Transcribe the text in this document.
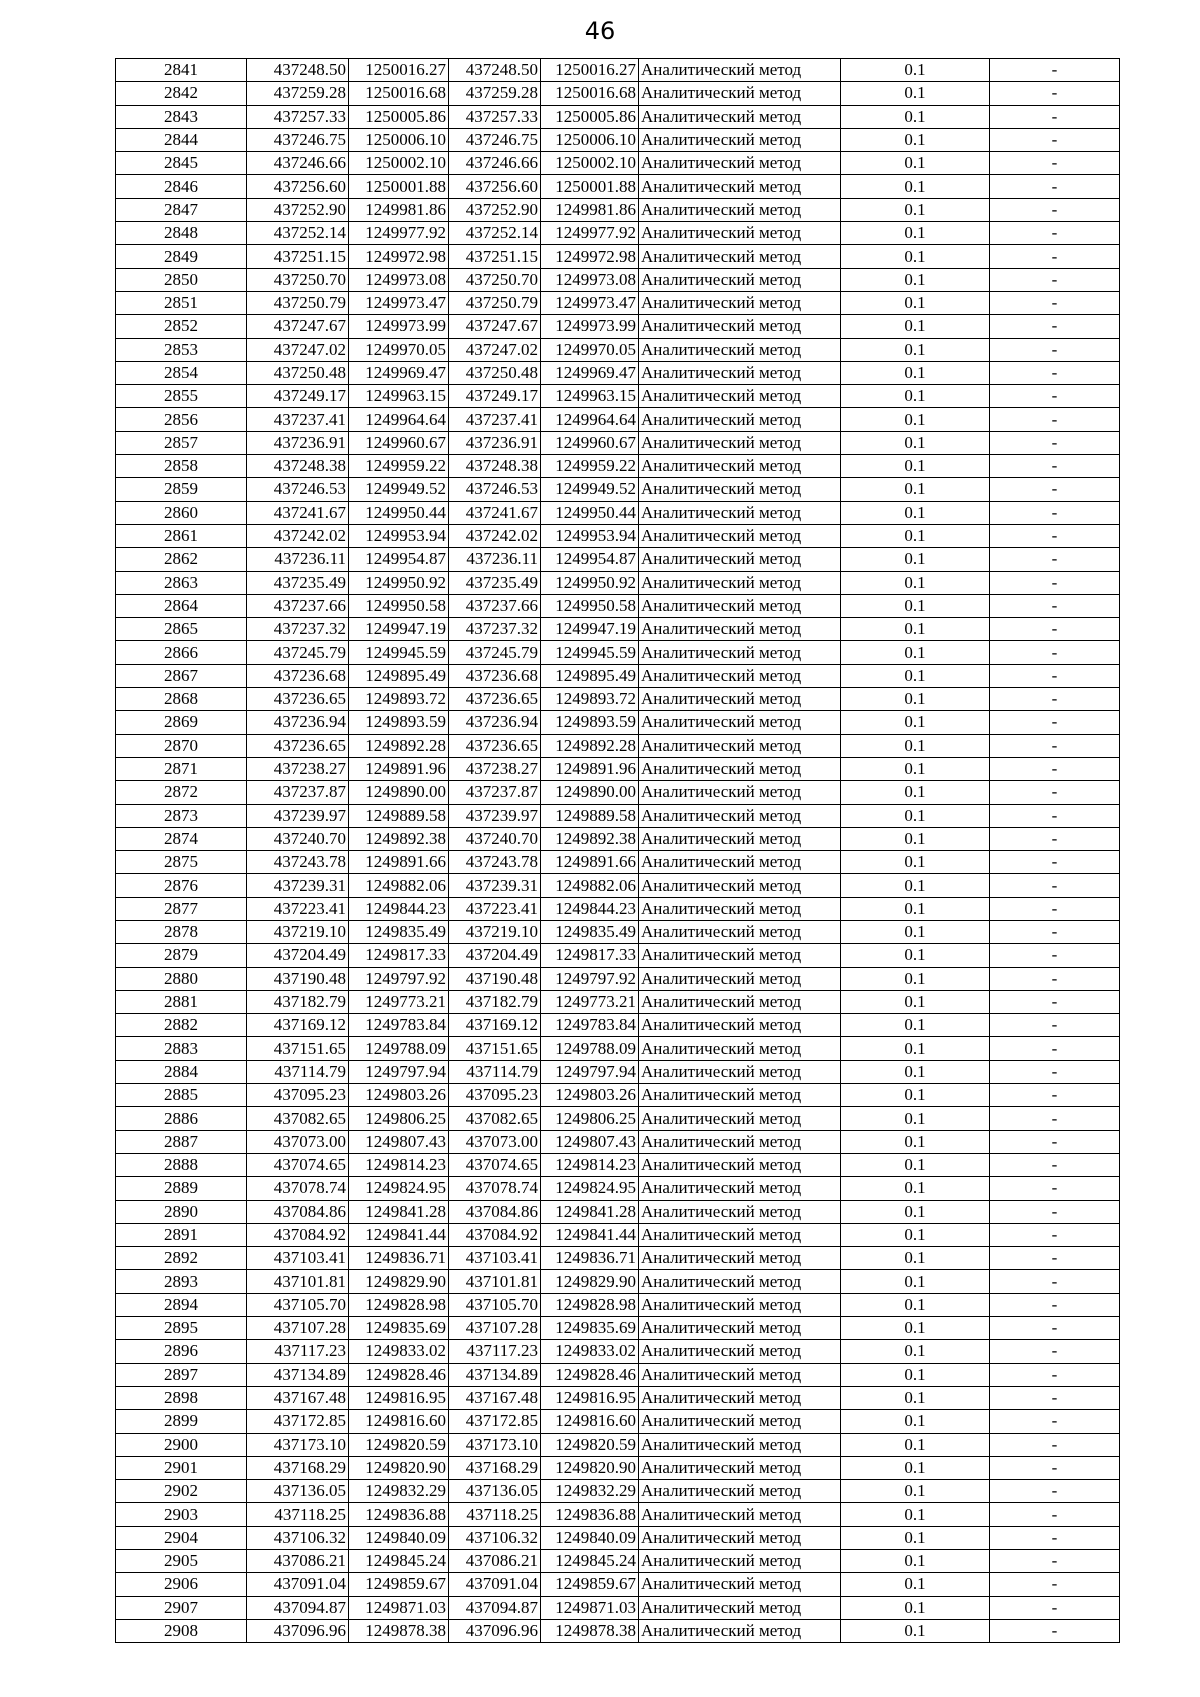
46
2841	437248.50	1250016.27	437248.50	1250016.27	Аналитический метод	0.1	-
2842	437259.28	1250016.68	437259.28	1250016.68	Аналитический метод	0.1	-
2843	437257.33	1250005.86	437257.33	1250005.86	Аналитический метод	0.1	-
2844	437246.75	1250006.10	437246.75	1250006.10	Аналитический метод	0.1	-
2845	437246.66	1250002.10	437246.66	1250002.10	Аналитический метод	0.1	-
2846	437256.60	1250001.88	437256.60	1250001.88	Аналитический метод	0.1	-
2847	437252.90	1249981.86	437252.90	1249981.86	Аналитический метод	0.1	-
2848	437252.14	1249977.92	437252.14	1249977.92	Аналитический метод	0.1	-
2849	437251.15	1249972.98	437251.15	1249972.98	Аналитический метод	0.1	-
2850	437250.70	1249973.08	437250.70	1249973.08	Аналитический метод	0.1	-
2851	437250.79	1249973.47	437250.79	1249973.47	Аналитический метод	0.1	-
2852	437247.67	1249973.99	437247.67	1249973.99	Аналитический метод	0.1	-
2853	437247.02	1249970.05	437247.02	1249970.05	Аналитический метод	0.1	-
2854	437250.48	1249969.47	437250.48	1249969.47	Аналитический метод	0.1	-
2855	437249.17	1249963.15	437249.17	1249963.15	Аналитический метод	0.1	-
2856	437237.41	1249964.64	437237.41	1249964.64	Аналитический метод	0.1	-
2857	437236.91	1249960.67	437236.91	1249960.67	Аналитический метод	0.1	-
2858	437248.38	1249959.22	437248.38	1249959.22	Аналитический метод	0.1	-
2859	437246.53	1249949.52	437246.53	1249949.52	Аналитический метод	0.1	-
2860	437241.67	1249950.44	437241.67	1249950.44	Аналитический метод	0.1	-
2861	437242.02	1249953.94	437242.02	1249953.94	Аналитический метод	0.1	-
2862	437236.11	1249954.87	437236.11	1249954.87	Аналитический метод	0.1	-
2863	437235.49	1249950.92	437235.49	1249950.92	Аналитический метод	0.1	-
2864	437237.66	1249950.58	437237.66	1249950.58	Аналитический метод	0.1	-
2865	437237.32	1249947.19	437237.32	1249947.19	Аналитический метод	0.1	-
2866	437245.79	1249945.59	437245.79	1249945.59	Аналитический метод	0.1	-
2867	437236.68	1249895.49	437236.68	1249895.49	Аналитический метод	0.1	-
2868	437236.65	1249893.72	437236.65	1249893.72	Аналитический метод	0.1	-
2869	437236.94	1249893.59	437236.94	1249893.59	Аналитический метод	0.1	-
2870	437236.65	1249892.28	437236.65	1249892.28	Аналитический метод	0.1	-
2871	437238.27	1249891.96	437238.27	1249891.96	Аналитический метод	0.1	-
2872	437237.87	1249890.00	437237.87	1249890.00	Аналитический метод	0.1	-
2873	437239.97	1249889.58	437239.97	1249889.58	Аналитический метод	0.1	-
2874	437240.70	1249892.38	437240.70	1249892.38	Аналитический метод	0.1	-
2875	437243.78	1249891.66	437243.78	1249891.66	Аналитический метод	0.1	-
2876	437239.31	1249882.06	437239.31	1249882.06	Аналитический метод	0.1	-
2877	437223.41	1249844.23	437223.41	1249844.23	Аналитический метод	0.1	-
2878	437219.10	1249835.49	437219.10	1249835.49	Аналитический метод	0.1	-
2879	437204.49	1249817.33	437204.49	1249817.33	Аналитический метод	0.1	-
2880	437190.48	1249797.92	437190.48	1249797.92	Аналитический метод	0.1	-
2881	437182.79	1249773.21	437182.79	1249773.21	Аналитический метод	0.1	-
2882	437169.12	1249783.84	437169.12	1249783.84	Аналитический метод	0.1	-
2883	437151.65	1249788.09	437151.65	1249788.09	Аналитический метод	0.1	-
2884	437114.79	1249797.94	437114.79	1249797.94	Аналитический метод	0.1	-
2885	437095.23	1249803.26	437095.23	1249803.26	Аналитический метод	0.1	-
2886	437082.65	1249806.25	437082.65	1249806.25	Аналитический метод	0.1	-
2887	437073.00	1249807.43	437073.00	1249807.43	Аналитический метод	0.1	-
2888	437074.65	1249814.23	437074.65	1249814.23	Аналитический метод	0.1	-
2889	437078.74	1249824.95	437078.74	1249824.95	Аналитический метод	0.1	-
2890	437084.86	1249841.28	437084.86	1249841.28	Аналитический метод	0.1	-
2891	437084.92	1249841.44	437084.92	1249841.44	Аналитический метод	0.1	-
2892	437103.41	1249836.71	437103.41	1249836.71	Аналитический метод	0.1	-
2893	437101.81	1249829.90	437101.81	1249829.90	Аналитический метод	0.1	-
2894	437105.70	1249828.98	437105.70	1249828.98	Аналитический метод	0.1	-
2895	437107.28	1249835.69	437107.28	1249835.69	Аналитический метод	0.1	-
2896	437117.23	1249833.02	437117.23	1249833.02	Аналитический метод	0.1	-
2897	437134.89	1249828.46	437134.89	1249828.46	Аналитический метод	0.1	-
2898	437167.48	1249816.95	437167.48	1249816.95	Аналитический метод	0.1	-
2899	437172.85	1249816.60	437172.85	1249816.60	Аналитический метод	0.1	-
2900	437173.10	1249820.59	437173.10	1249820.59	Аналитический метод	0.1	-
2901	437168.29	1249820.90	437168.29	1249820.90	Аналитический метод	0.1	-
2902	437136.05	1249832.29	437136.05	1249832.29	Аналитический метод	0.1	-
2903	437118.25	1249836.88	437118.25	1249836.88	Аналитический метод	0.1	-
2904	437106.32	1249840.09	437106.32	1249840.09	Аналитический метод	0.1	-
2905	437086.21	1249845.24	437086.21	1249845.24	Аналитический метод	0.1	-
2906	437091.04	1249859.67	437091.04	1249859.67	Аналитический метод	0.1	-
2907	437094.87	1249871.03	437094.87	1249871.03	Аналитический метод	0.1	-
2908	437096.96	1249878.38	437096.96	1249878.38	Аналитический метод	0.1	-
